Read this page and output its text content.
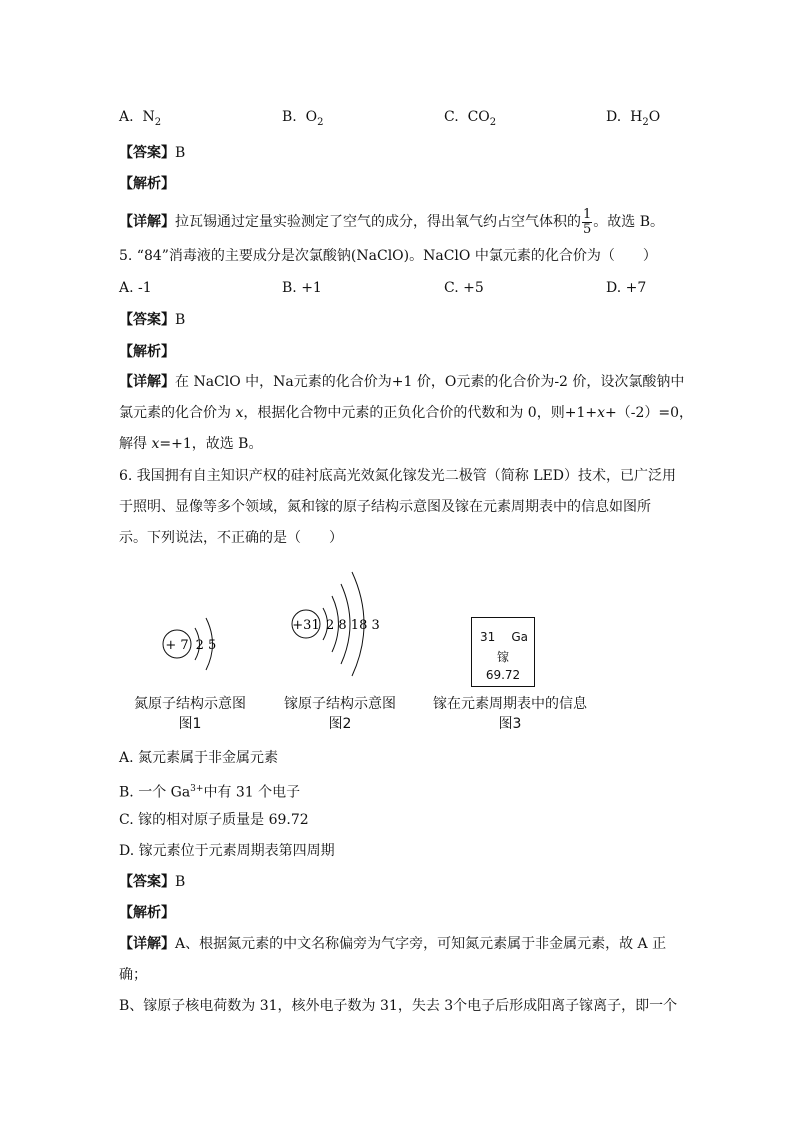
A. $N_2$	B. $O_2$	C. $CO_2$	D. $H_2O$
【答案】B
【解析】
【详解】拉瓦锡通过定量实验测定了空气的成分，得出氧气约占空气体积的 $\frac{1}{5}$ 。故选 B。
5. “84”消毒液的主要成分是次氯酸钠(NaClO)。NaClO 中氯元素的化合价为（　　）
A. -1	B. +1	C. +5	D. +7
【答案】B
【解析】
【详解】在 NaClO 中，Na元素的化合价为+1 价，O元素的化合价为-2 价，设次氯酸钠中
氯元素的化合价为 x，根据化合物中元素的正负化合价的代数和为 0，则+1+x+（-2）=0，
解得 x=+1，故选 B。
6. 我国拥有自主知识产权的硅衬底高光效氮化镓发光二极管（简称 LED）技术，已广泛用
于照明、显像等多个领域，氮和镓的原子结构示意图及镓在元素周期表中的信息如图所
示。下列说法，不正确的是（　　）
+ 7 2 5
氮原子结构示意图
图1
+31 2 8 18 3
镓原子结构示意图
图2
31 Ga
镓
69.72
镓在元素周期表中的信息
图3
A. 氮元素属于非金属元素
B. 一个 $Ga^{3+}$中有 31 个电子
C. 镓的相对原子质量是 69.72
D. 镓元素位于元素周期表第四周期
【答案】B
【解析】
【详解】A、根据氮元素的中文名称偏旁为气字旁，可知氮元素属于非金属元素，故 A 正
确；
B、镓原子核电荷数为 31，核外电子数为 31，失去 3个电子后形成阳离子镓离子，即一个
